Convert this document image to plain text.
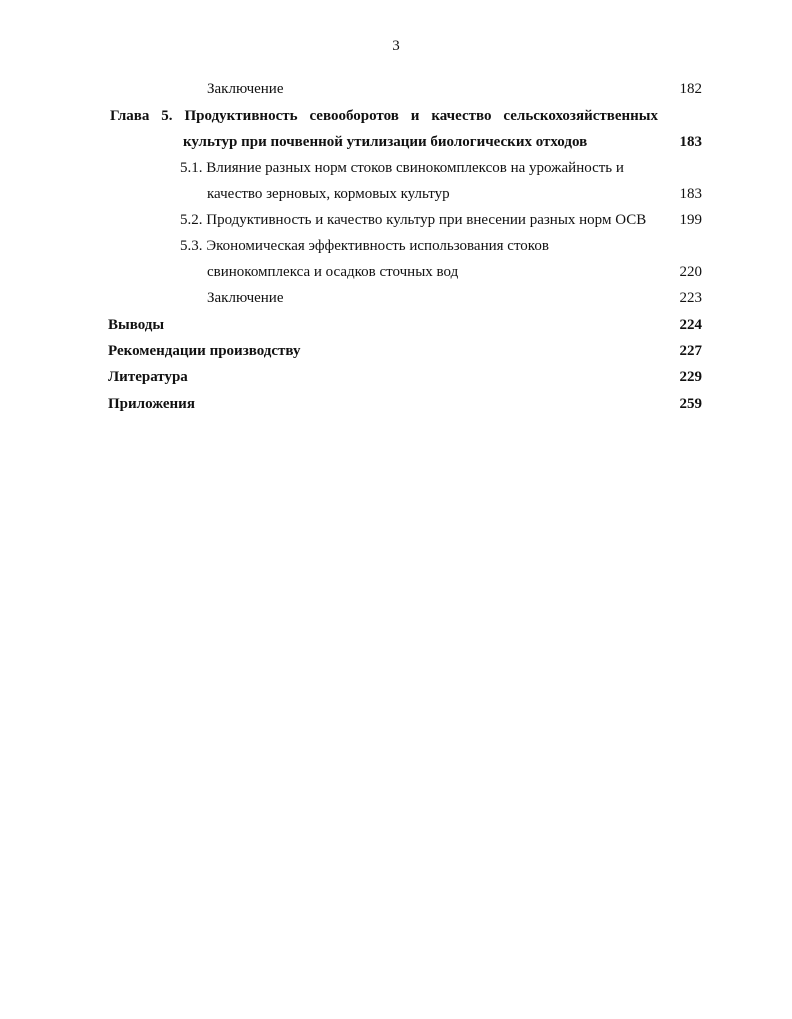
3
Заключение	182
Глава 5. Продуктивность севооборотов и качество сельскохозяйственных
культур при почвенной утилизации биологических отходов	183
5.1. Влияние разных норм стоков свинокомплексов на урожайность и
качество зерновых, кормовых культур	183
5.2. Продуктивность и качество культур при внесении разных норм ОСВ	199
5.3. Экономическая эффективность использования стоков
свинокомплекса и осадков сточных вод	220
Заключение	223
Выводы	224
Рекомендации производству	227
Литература	229
Приложения	259
